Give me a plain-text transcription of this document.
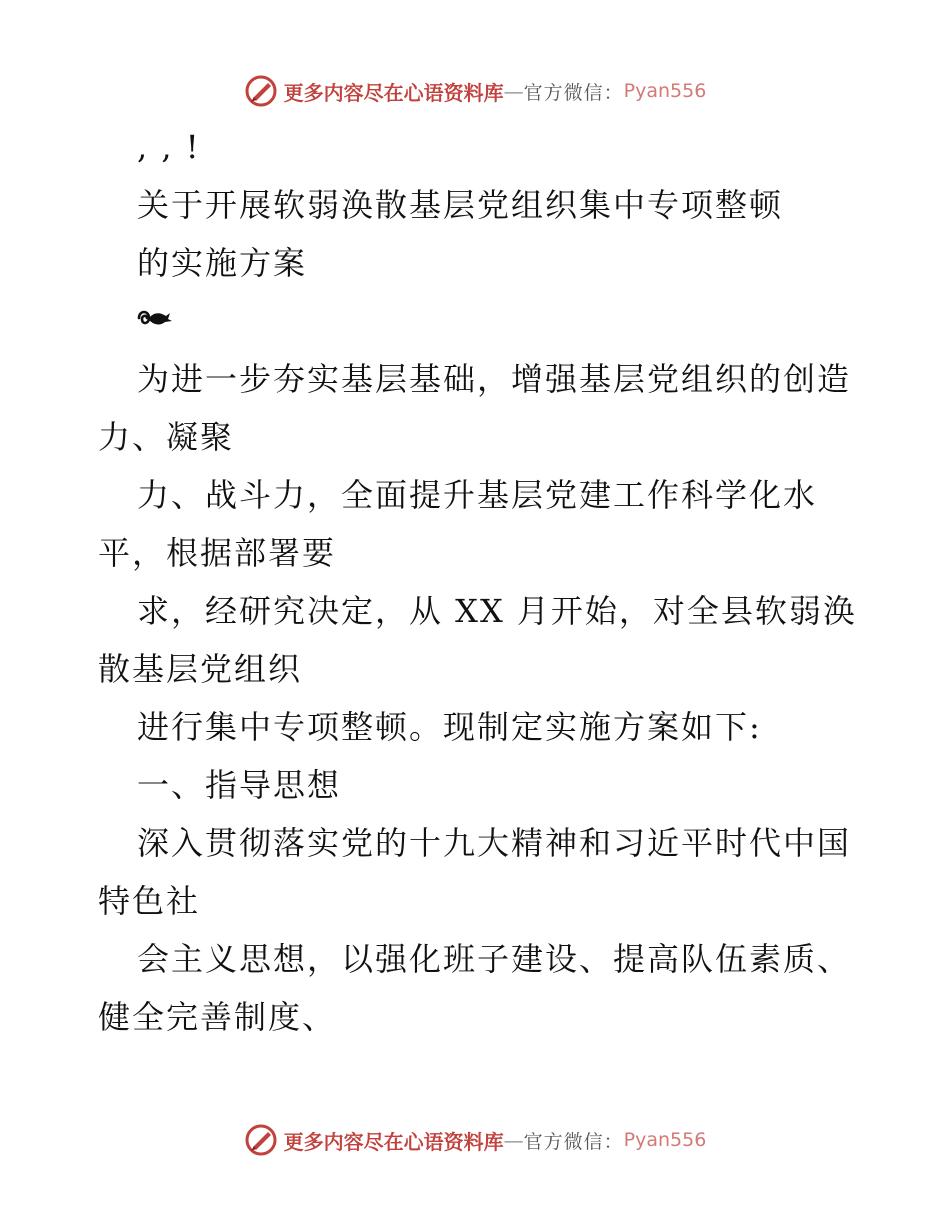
更多内容尽在心语资料库 — 官方微信： Pyan556
, , !
关于开展软弱涣散基层党组织集中专项整顿
的实施方案
为进一步夯实基层基础，增强基层党组织的创造
力、凝聚
力、战斗力，全面提升基层党建工作科学化水
平，根据部署要
求，经研究决定，从 XX 月开始，对全县软弱涣
散基层党组织
进行集中专项整顿。现制定实施方案如下:
一、指导思想
深入贯彻落实党的十九大精神和习近平时代中国
特色社
会主义思想，以强化班子建设、提高队伍素质、
健全完善制度、
更多内容尽在心语资料库 — 官方微信： Pyan556
